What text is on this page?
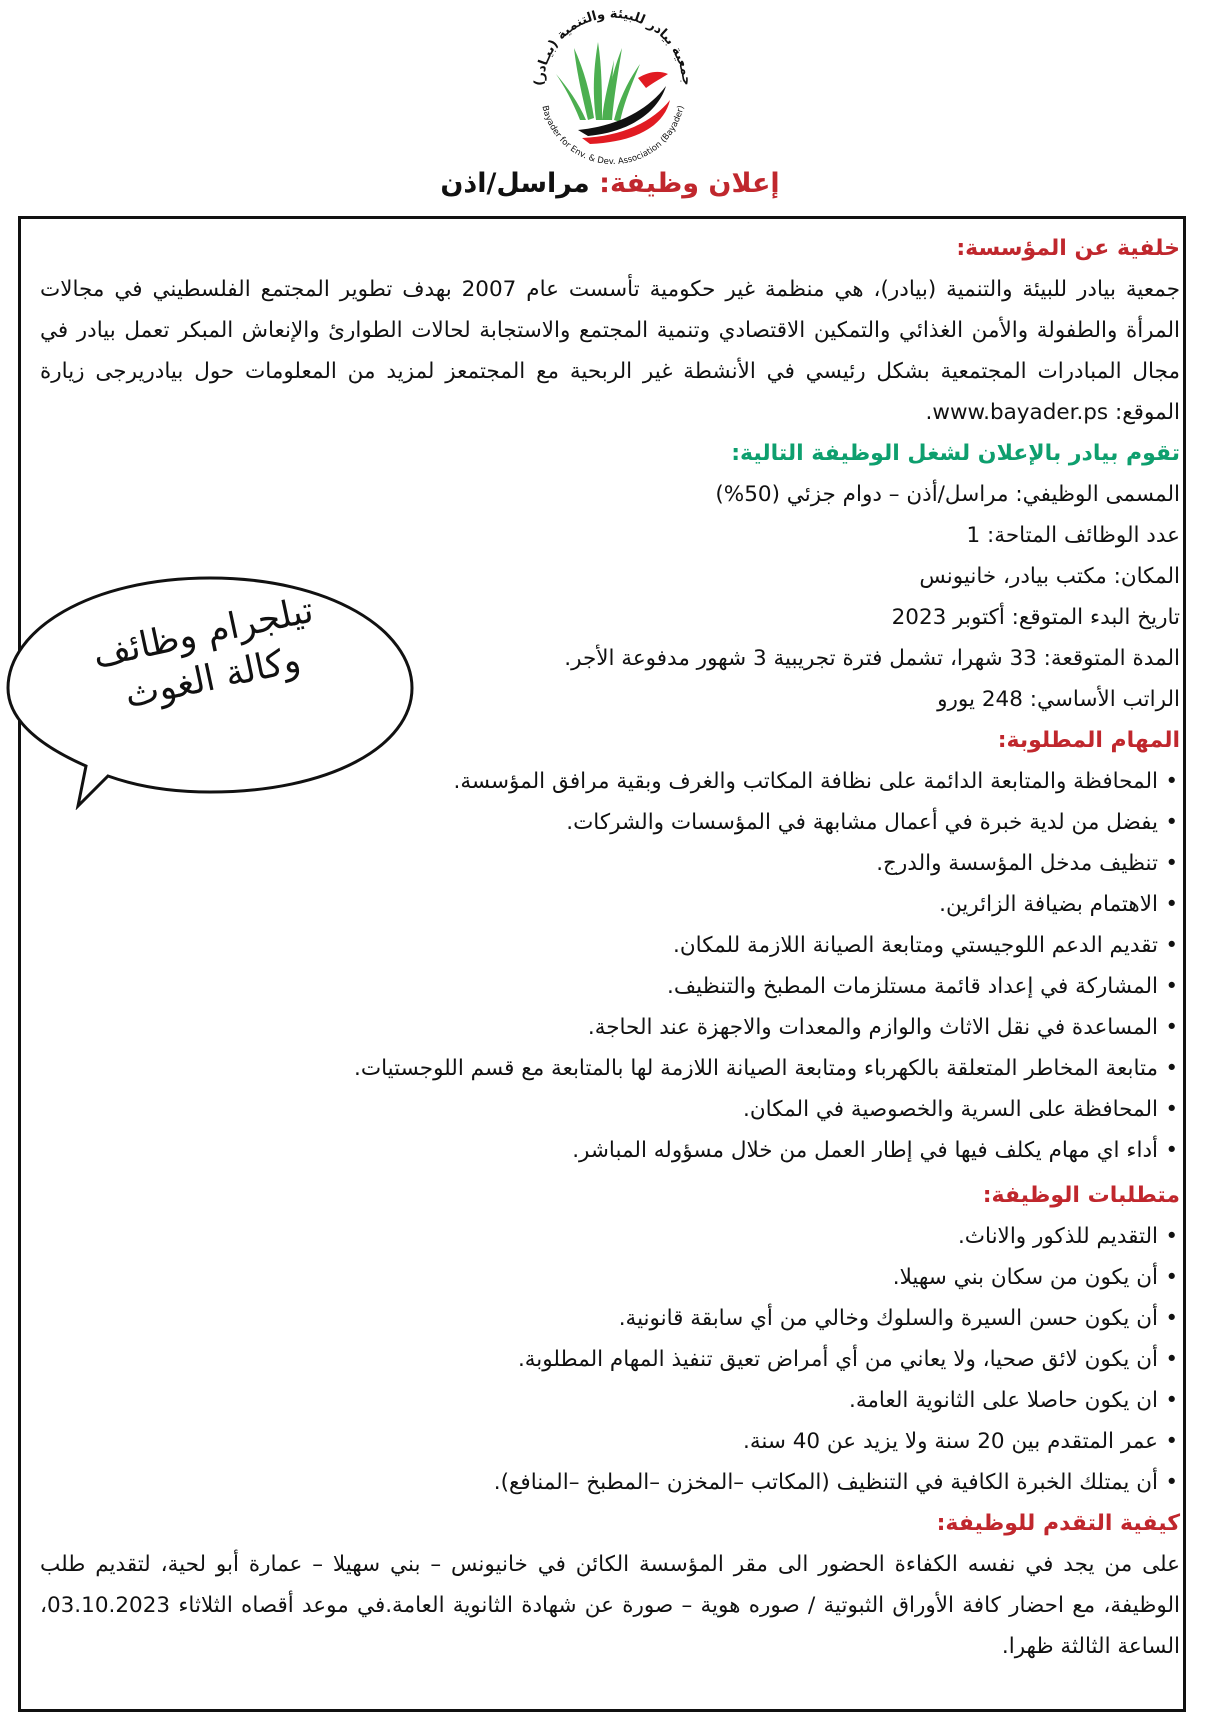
جمعية بيادر للبيئة والتنمية (بيـادر)
Bayader for Env. & Dev. Association (Bayader)
إعلان وظيفة: مراسل/اذن
خلفية عن المؤسسة:
جمعية بيادر للبيئة والتنمية (بيادر)، هي منظمة غير حكومية تأسست عام 2007 بهدف تطوير المجتمع الفلسطيني في مجالات المرأة والطفولة والأمن الغذائي والتمكين الاقتصادي وتنمية المجتمع والاستجابة لحالات الطوارئ والإنعاش المبكر تعمل بيادر في مجال المبادرات المجتمعية بشكل رئيسي في الأنشطة غير الربحية مع المجتمعز لمزيد من المعلومات حول بيادريرجى زيارة الموقع: www.bayader.ps.
تقوم بيادر بالإعلان لشغل الوظيفة التالية:
المسمى الوظيفي: مراسل/أذن – دوام جزئي (50%)
عدد الوظائف المتاحة: 1
المكان: مكتب بيادر، خانيونس
تاريخ البدء المتوقع: أكتوبر 2023
المدة المتوقعة: 33 شهرا، تشمل فترة تجريبية 3 شهور مدفوعة الأجر.
الراتب الأساسي: 248 يورو
المهام المطلوبة:
• المحافظة والمتابعة الدائمة على نظافة المكاتب والغرف وبقية مرافق المؤسسة.
• يفضل من لدية خبرة في أعمال مشابهة في المؤسسات والشركات.
• تنظيف مدخل المؤسسة والدرج.
• الاهتمام بضيافة الزائرين.
• تقديم الدعم اللوجيستي ومتابعة الصيانة اللازمة للمكان.
• المشاركة في إعداد قائمة مستلزمات المطبخ والتنظيف.
• المساعدة في نقل الاثاث والوازم والمعدات والاجهزة عند الحاجة.
• متابعة المخاطر المتعلقة بالكهرباء ومتابعة الصيانة اللازمة لها بالمتابعة مع قسم اللوجستيات.
• المحافظة على السرية والخصوصية في المكان.
• أداء اي مهام يكلف فيها في إطار العمل من خلال مسؤوله المباشر.
متطلبات الوظيفة:
• التقديم للذكور والاناث.
• أن يكون من سكان بني سهيلا.
• أن يكون حسن السيرة والسلوك وخالي من أي سابقة قانونية.
• أن يكون لائق صحيا، ولا يعاني من أي أمراض تعيق تنفيذ المهام المطلوبة.
• ان يكون حاصلا على الثانوية العامة.
• عمر المتقدم بين 20 سنة ولا يزيد عن 40 سنة.
• أن يمتلك الخبرة الكافية في التنظيف (المكاتب –المخزن –المطبخ –المنافع).
كيفية التقدم للوظيفة:
على من يجد في نفسه الكفاءة الحضور الى مقر المؤسسة الكائن في خانيونس – بني سهيلا – عمارة أبو لحية، لتقديم طلب الوظيفة، مع احضار كافة الأوراق الثبوتية / صوره هوية – صورة عن شهادة الثانوية العامة.في موعد أقصاه الثلاثاء 03.10.2023، الساعة الثالثة ظهرا.
تيلجرام وظائف وكالة الغوث
